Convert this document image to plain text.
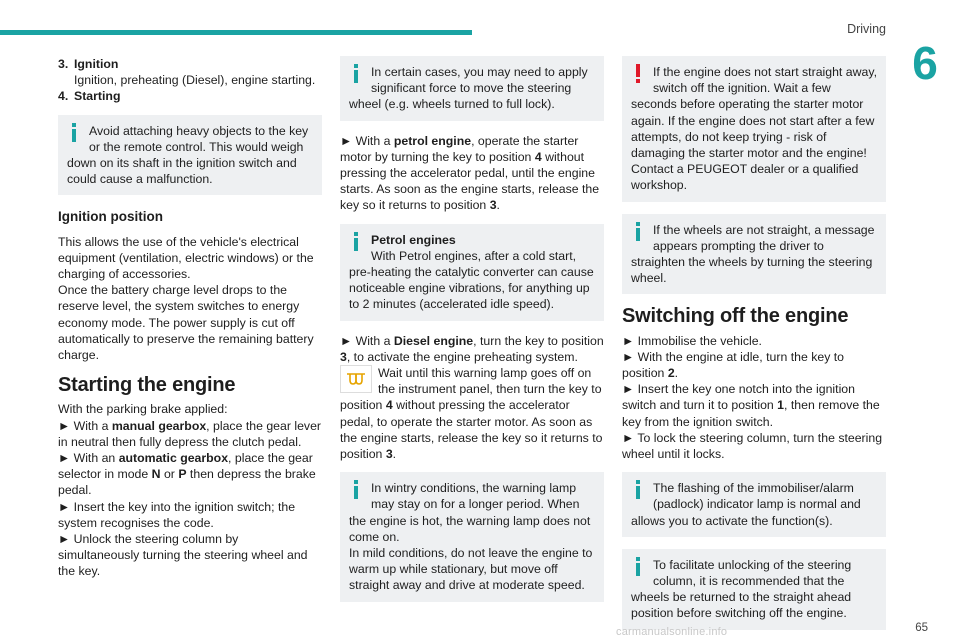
Driving
6
3. Ignition
Ignition, preheating (Diesel), engine starting.
4. Starting
Avoid attaching heavy objects to the key or the remote control. This would weigh down on its shaft in the ignition switch and could cause a malfunction.
Ignition position

This allows the use of the vehicle's electrical equipment (ventilation, electric windows) or the charging of accessories.

Once the battery charge level drops to the reserve level, the system switches to energy economy mode. The power supply is cut off automatically to preserve the remaining battery charge.

Starting the engine

With the parking brake applied:

► With a manual gearbox, place the gear lever in neutral then fully depress the clutch pedal.

► With an automatic gearbox, place the gear selector in mode N or P then depress the brake pedal.

► Insert the key into the ignition switch; the system recognises the code.

► Unlock the steering column by simultaneously turning the steering wheel and the key.

In certain cases, you may need to apply significant force to move the steering wheel (e.g. wheels turned to full lock).

► With a petrol engine, operate the starter motor by turning the key to position 4 without pressing the accelerator pedal, until the engine starts. As soon as the engine starts, release the key so it returns to position 3.

Petrol engines
With Petrol engines, after a cold start, pre-heating the catalytic converter can cause noticeable engine vibrations, for anything up to 2 minutes (accelerated idle speed).

► With a Diesel engine, turn the key to position 3, to activate the engine preheating system.

Wait until this warning lamp goes off on the instrument panel, then turn the key to position 4 without pressing the accelerator pedal, to operate the starter motor. As soon as the engine starts, release the key so it returns to position 3.

In wintry conditions, the warning lamp may stay on for a longer period. When the engine is hot, the warning lamp does not come on.
In mild conditions, do not leave the engine to warm up while stationary, but move off straight away and drive at moderate speed.
If the engine does not start straight away, switch off the ignition. Wait a few seconds before operating the starter motor again. If the engine does not start after a few attempts, do not keep trying - risk of damaging the starter motor and the engine! Contact a PEUGEOT dealer or a qualified workshop.
If the wheels are not straight, a message appears prompting the driver to straighten the wheels by turning the steering wheel.
Switching off the engine

► Immobilise the vehicle.

► With the engine at idle, turn the key to position 2.

► Insert the key one notch into the ignition switch and turn it to position 1, then remove the key from the ignition switch.

► To lock the steering column, turn the steering wheel until it locks.

The flashing of the immobiliser/alarm (padlock) indicator lamp is normal and allows you to activate the function(s).
To facilitate unlocking of the steering column, it is recommended that the wheels be returned to the straight ahead position before switching off the engine.
carmanualsonline.info	65
